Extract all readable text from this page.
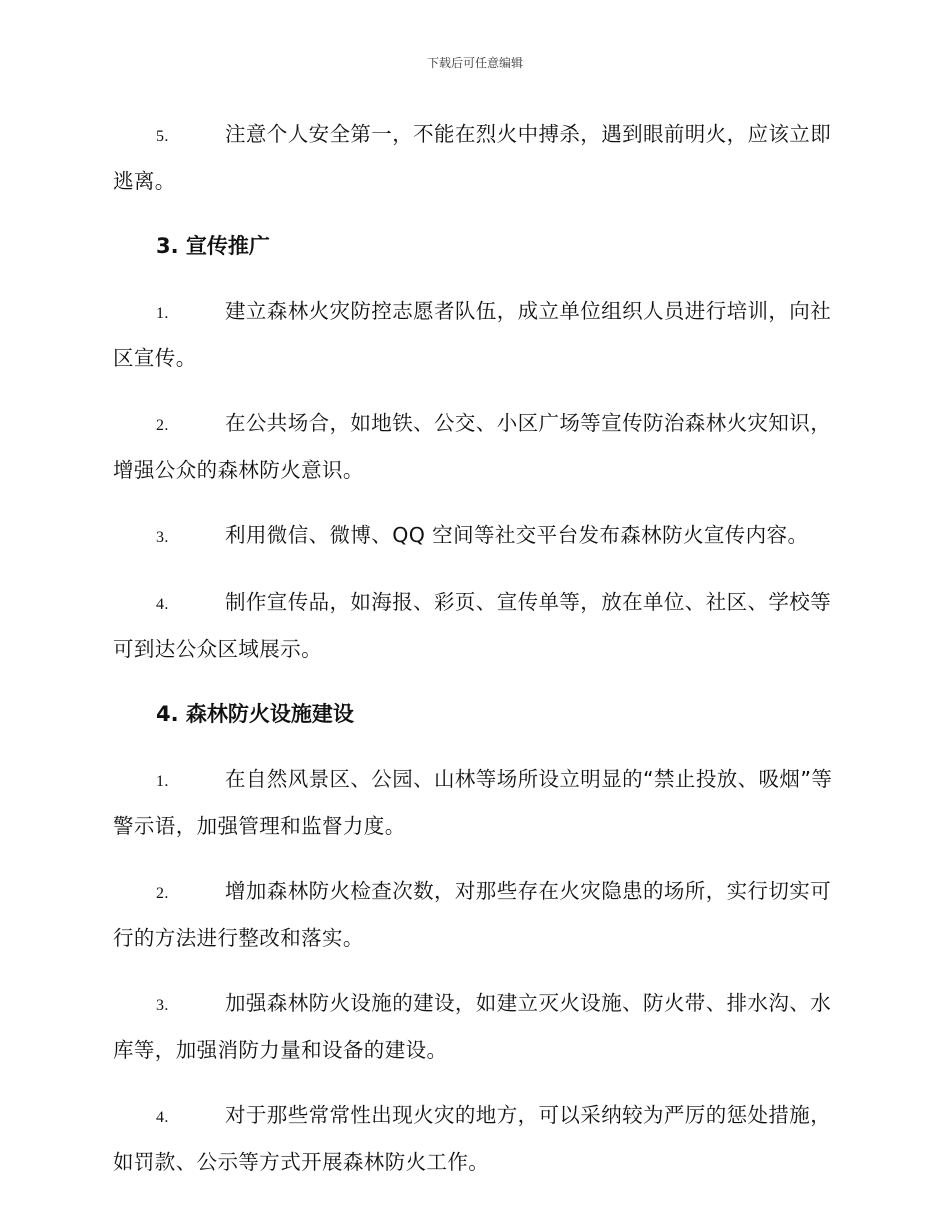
下载后可任意编辑

5.	注意个人安全第一，不能在烈火中搏杀，遇到眼前明火，应该立即逃离。

3. 宣传推广

1.	建立森林火灾防控志愿者队伍，成立单位组织人员进行培训，向社区宣传。

2.	在公共场合，如地铁、公交、小区广场等宣传防治森林火灾知识，增强公众的森林防火意识。

3.	利用微信、微博、QQ 空间等社交平台发布森林防火宣传内容。

4.	制作宣传品，如海报、彩页、宣传单等，放在单位、社区、学校等可到达公众区域展示。

4. 森林防火设施建设

1.	在自然风景区、公园、山林等场所设立明显的“禁止投放、吸烟”等警示语，加强管理和监督力度。

2.	增加森林防火检查次数，对那些存在火灾隐患的场所，实行切实可行的方法进行整改和落实。

3.	加强森林防火设施的建设，如建立灭火设施、防火带、排水沟、水库等，加强消防力量和设备的建设。

4.	对于那些常常性出现火灾的地方，可以采纳较为严厉的惩处措施，如罚款、公示等方式开展森林防火工作。
